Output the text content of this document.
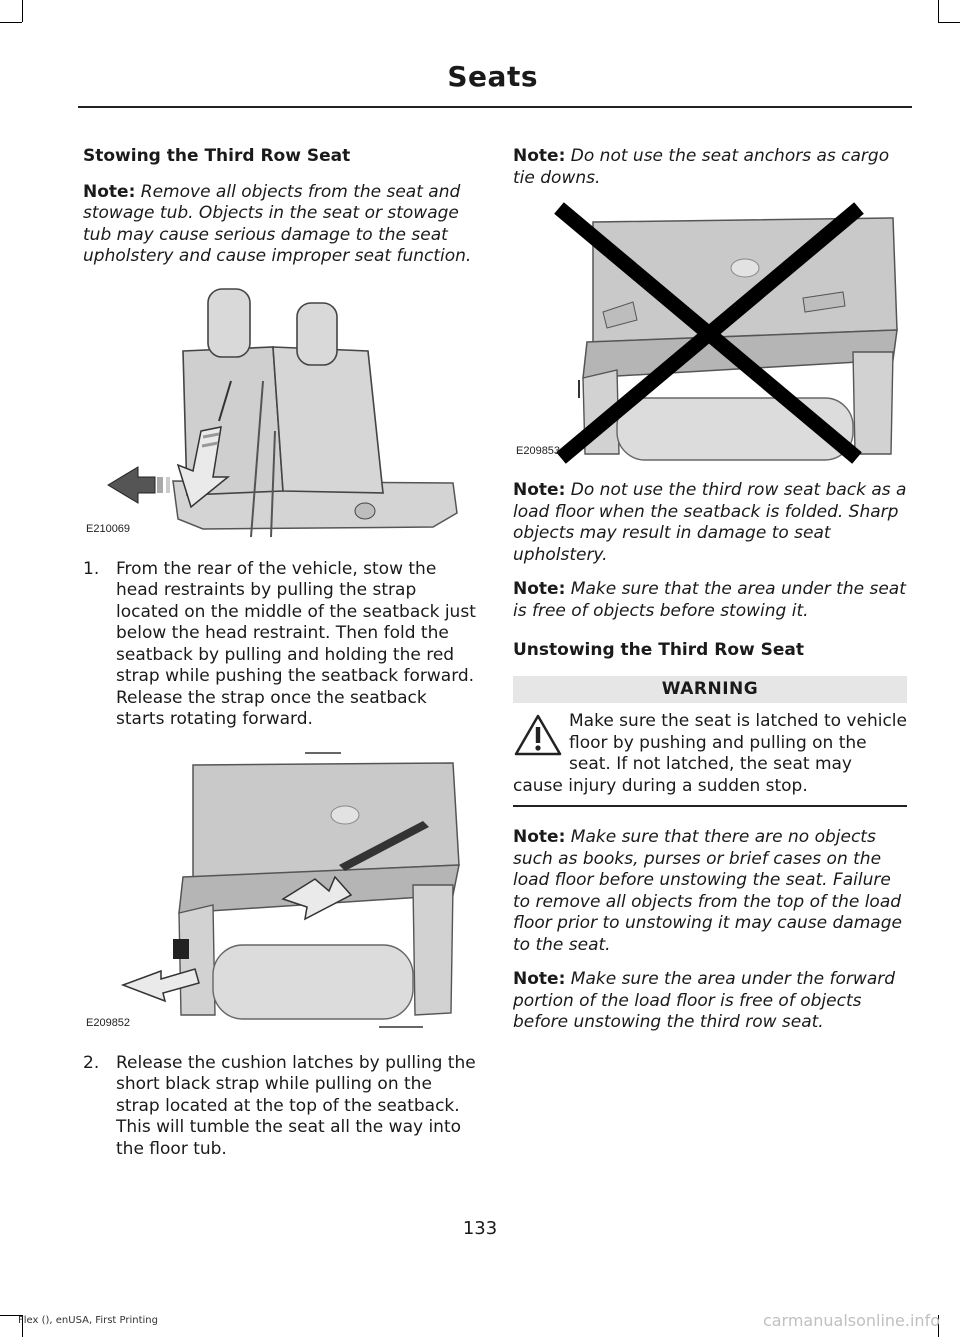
Seats
Stowing the Third Row Seat

Note: Remove all objects from the seat and stowage tub. Objects in the seat or stowage tub may cause serious damage to the seat upholstery and cause improper seat function.

E210069
1. From the rear of the vehicle, stow the head restraints by pulling the strap located on the middle of the seatback just below the head restraint. Then fold the seatback by pulling and holding the red strap while pushing the seatback forward. Release the strap once the seatback starts rotating forward.
E209852
2. Release the cushion latches by pulling the short black strap while pulling on the strap located at the top of the seatback. This will tumble the seat all the way into the floor tub.

Note: Do not use the seat anchors as cargo tie downs.

E209853

Note: Do not use the third row seat back as a load floor when the seatback is folded. Sharp objects may result in damage to seat upholstery.

Note: Make sure that the area under the seat is free of objects before stowing it.

Unstowing the Third Row Seat
WARNING
Make sure the seat is latched to vehicle floor by pushing and pulling on the seat. If not latched, the seat may cause injury during a sudden stop.

Note: Make sure that there are no objects such as books, purses or brief cases on the load floor before unstowing the seat. Failure to remove all objects from the top of the load floor prior to unstowing it may cause damage to the seat.

Note: Make sure the area under the forward portion of the load floor is free of objects before unstowing the third row seat.

133
Flex (), enUSA, First Printing	carmanualsonline.info
